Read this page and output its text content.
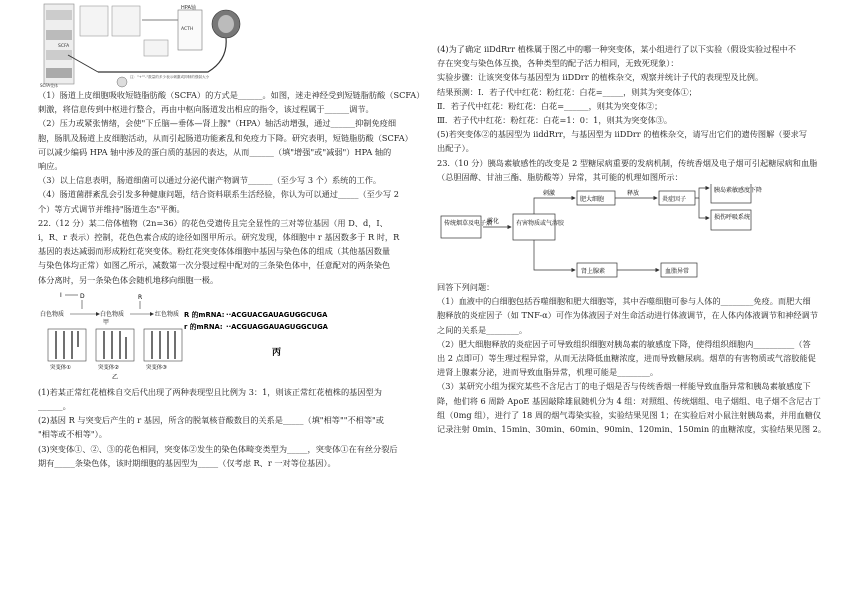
HPA轴
ACTH
SCFA
注："+""-"数量的多少表示刺激或抑制的强弱大小
SCFA受体

（1）肠道上皮细胞吸收短链脂肪酸（SCFA）的方式是______。如图，迷走神经受到短链脂肪酸（SCFA）

刺激，将信息传到中枢进行整合，再由中枢向肠道发出相应的指令，该过程属于______调节。

（2）压力或紧张情绪，会使"下丘脑—垂体—肾上腺"（HPA）轴活动增强，通过______抑制免疫细

胞，肠肌及肠道上皮细胞活动，从而引起肠道功能紊乱和免疫力下降。研究表明，短链脂肪酸（SCFA）

可以减少编码 HPA 轴中涉及的蛋白质的基因的表达，从而______（填"增强"或"减弱"）HPA 轴的

响应。

（3）以上信息表明，肠道细菌可以通过分泌代谢产物调节______（至少写 3 个）系统的工作。

（4）肠道菌群紊乱会引发多种健康问题，结合资料联系生活经验，你认为可以通过_____（至少写 2

个）等方式调节并维持"肠道生态"平衡。

22.（12 分）某二倍体植物（2n=36）的花色受遗传且完全显性的三对等位基因（用 D、d，I、

i，R、r 表示）控制，花色色素合成的途径如图甲所示。研究发现，体细胞中 r 基因数多于 R 时，R

基因的表达减弱而形成粉红花突变体。粉红花突变体体细胞中基因与染色体的组成（其他基因数量

与染色体均正常）如图乙所示，减数第一次分裂过程中配对的三条染色体中，任意配对的两条染色

体分离时，另一条染色体会随机地移向细胞一极。

I	D	R
白色物质	白色物质	红色物质
甲
突变体①	突变体②	突变体③
乙
R 的mRNA: ··ACGUACGAUAGUGGCUGA
r 的mRNA: ··ACGUAGGAUAGUGGCUGA
丙

(1)若某正常红花植株自交后代出现了两种表现型且比例为 3：1，则该正常红花植株的基因型为

______。

(2)基因 R 与突变后产生的 r 基因，所含的脱氧核苷酸数目的关系是_____（填"相等""不相等"或

"相等或不相等"）。

(3)突变体①、②、③的花色相同，突变体②发生的染色体畸变类型为_____，突变体①在有丝分裂后

期有_____条染色体，该时期细胞的基因型为_____（仅考虑 R、r 一对等位基因）。

(4)为了确定 iiDdRrr 植株属于图乙中的哪一种突变体，某小组进行了以下实验（假设实验过程中不

存在突变与染色体互换，各种类型的配子活力相同，无致死现象）：

实验步骤：让该突变体与基因型为 iiDDrr 的植株杂交，观察并统计子代的表现型及比例。

结果预测：Ⅰ．若子代中红花：粉红花：白花=_____，则其为突变体①；

Ⅱ．若子代中红花：粉红花：白花=______，则其为突变体②；

Ⅲ．若子代中红花：粉红花：白花=1：0：1，则其为突变体③。

(5)若突变体②的基因型为 iiddRrr，与基因型为 iiDDrr 的植株杂交，请写出它们的遗传图解（要求写

出配子）。

23.（10 分）胰岛素敏感性的改变是 2 型糖尿病重要的发病机制，传统香烟及电子烟可引起糖尿病和血脂

（总胆固醇、甘油三酯、脂肪酸等）异常，其可能的机理如图所示：

传统烟草及电子烟
雾化	有害物质或气溶胶
刺激
肥大细胞
释放
炎症因子
胰岛素敏感度下降
损伤呼吸系统
肾上腺素	血脂异常

回答下列问题：

（1）血液中的白细胞包括吞噬细胞和肥大细胞等，其中吞噬细胞可参与人体的________免疫。而肥大细

胞释放的炎症因子（如 TNF-α）可作为体液因子对生命活动进行体液调节，在人体内体液调节和神经调节

之间的关系是________。

（2）肥大细胞释放的炎症因子可导致组织细胞对胰岛素的敏感度下降，使得组织细胞内__________（答

出 2 点即可）等生理过程异常，从而无法降低血糖浓度，进而导致糖尿病。烟草的有害物质或气溶胶能促

进肾上腺素分泌，进而导致血脂异常，机理可能是________。

（3）某研究小组为探究某些不含尼古丁的电子烟是否与传统香烟一样能导致血脂异常和胰岛素敏感度下

降，他们将 6 周龄 ApoE 基因敲除雄鼠随机分为 4 组：对照组、传统烟组、电子烟组、电子烟不含尼古丁

组（0mg 组），进行了 18 周的烟气毒染实验，实验结果见图 1；在实验后对小鼠注射胰岛素，并用血糖仪

记录注射 0min、15min、30min、60min、90min、120min、150min 的血糖浓度，实验结果见图 2。
